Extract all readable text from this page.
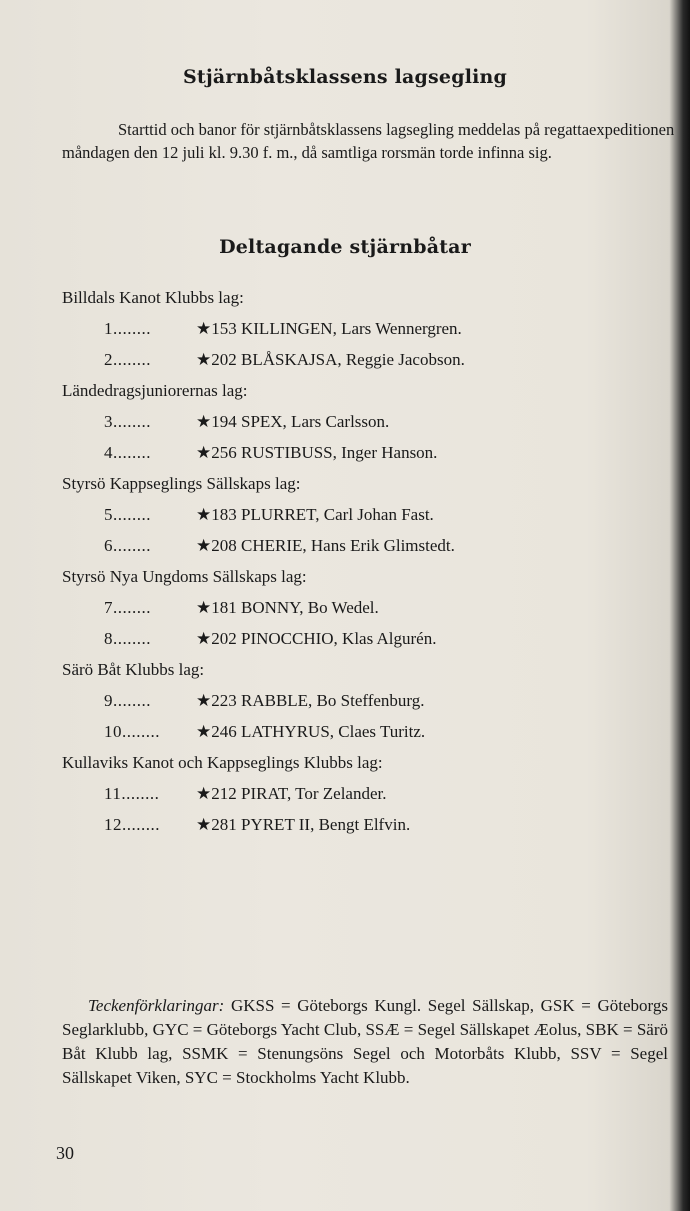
Stjärnbåtsklassens lagsegling

Starttid och banor för stjärnbåtsklassens lagsegling meddelas på regattaexpeditionen måndagen den 12 juli kl. 9.30 f. m., då samtliga rorsmän torde infinna sig.

Deltagande stjärnbåtar
Billdals Kanot Klubbs lag:
1........	★153 KILLINGEN, Lars Wennergren.
2........	★202 BLÅSKAJSA, Reggie Jacobson.
Ländedragsjuniorernas lag:
3........	★194 SPEX, Lars Carlsson.
4........	★256 RUSTIBUSS, Inger Hanson.
Styrsö Kappseglings Sällskaps lag:
5........	★183 PLURRET, Carl Johan Fast.
6........	★208 CHERIE, Hans Erik Glimstedt.
Styrsö Nya Ungdoms Sällskaps lag:
7........	★181 BONNY, Bo Wedel.
8........	★202 PINOCCHIO, Klas Algurén.
Särö Båt Klubbs lag:
9........	★223 RABBLE, Bo Steffenburg.
10........ ★246 LATHYRUS, Claes Turitz.
Kullaviks Kanot och Kappseglings Klubbs lag:
11........ ★212 PIRAT, Tor Zelander.
12........ ★281 PYRET II, Bengt Elfvin.

Teckenförklaringar: GKSS = Göteborgs Kungl. Segel Sällskap, GSK = Göteborgs Seglarklubb, GYC = Göteborgs Yacht Club, SSÆ = Segel Sällskapet Æolus, SBK = Särö Båt Klubb lag, SSMK = Stenungsöns Segel och Motorbåts Klubb, SSV = Segel Sällskapet Viken, SYC = Stockholms Yacht Klubb.

30
